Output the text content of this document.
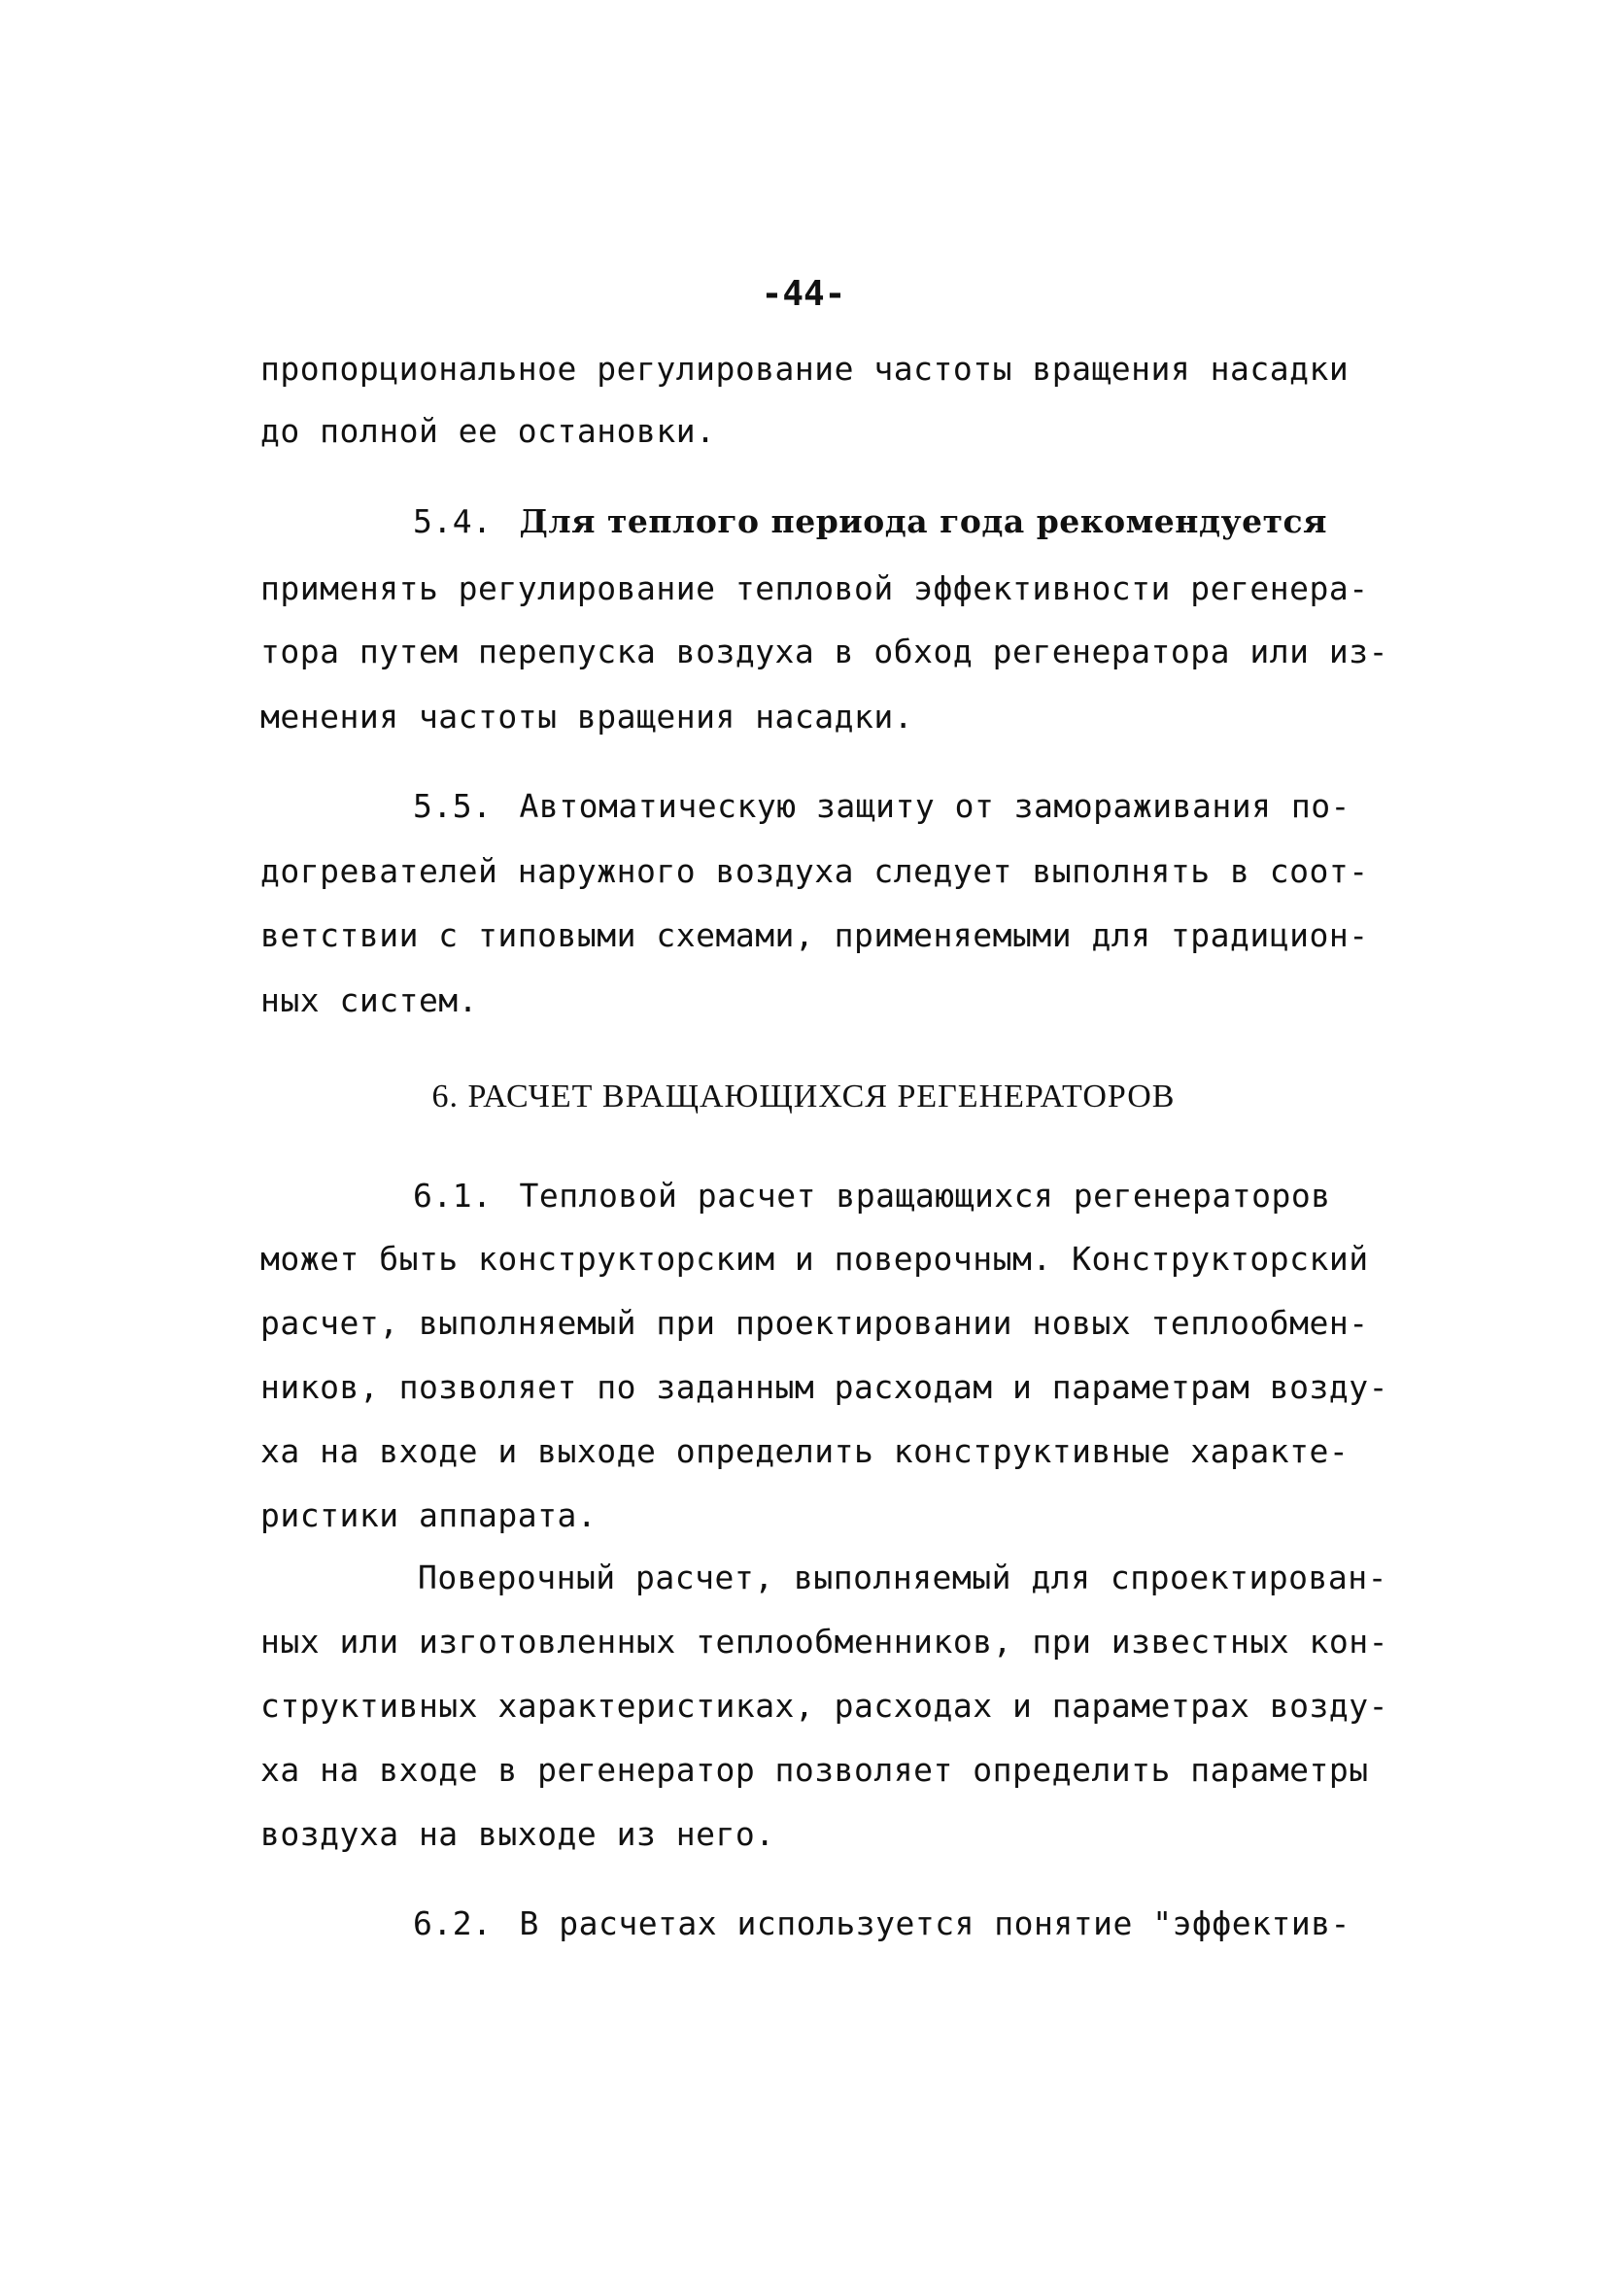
-44-
пропорциональное регулирование частоты вращения насадки
до полной ее остановки.
5.4. Для теплого периода года рекомендуется
применять регулирование тепловой эффективности регенера-
тора путем перепуска воздуха в обход регенератора или из-
менения частоты вращения насадки.
5.5. Автоматическую защиту от замораживания по-
догревателей наружного воздуха следует выполнять в соот-
ветствии с типовыми схемами, применяемыми для традицион-
ных систем.
6. РАСЧЕТ ВРАЩАЮЩИХСЯ РЕГЕНЕРАТОРОВ
6.1. Тепловой расчет вращающихся регенераторов
может быть конструкторским и поверочным. Конструкторский
расчет, выполняемый при проектировании новых теплообмен-
ников, позволяет по заданным расходам и параметрам возду-
ха на входе и выходе определить конструктивные характе-
ристики аппарата.
Поверочный расчет, выполняемый для спроектирован-
ных или изготовленных теплообменников, при известных кон-
структивных характеристиках, расходах и параметрах возду-
ха на входе в регенератор позволяет определить параметры
воздуха на выходе из него.
6.2. В расчетах используется понятие "эффектив-
